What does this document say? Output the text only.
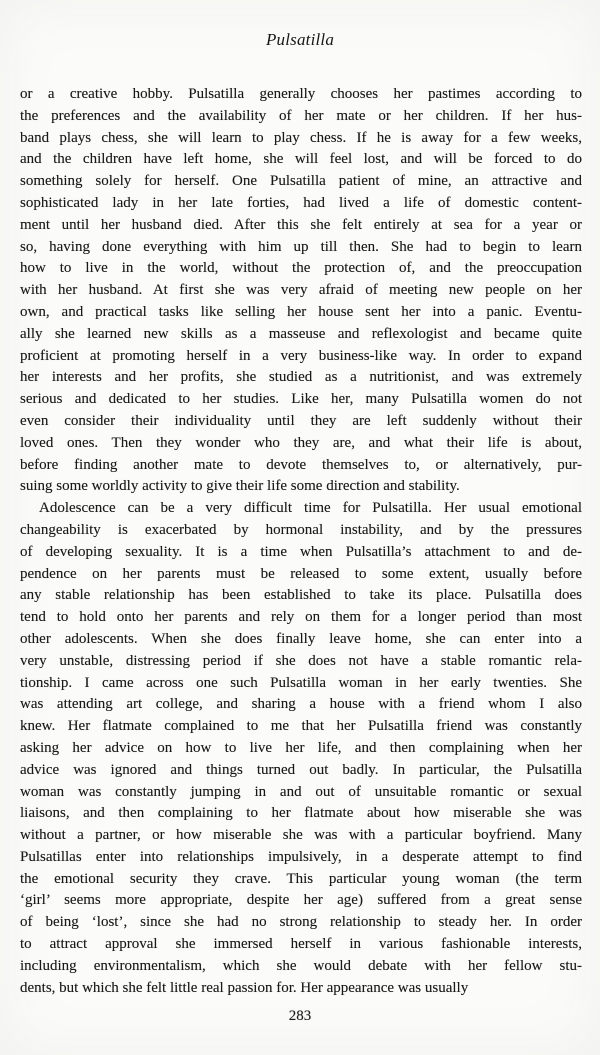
Pulsatilla
or a creative hobby. Pulsatilla generally chooses her pastimes according to
the preferences and the availability of her mate or her children. If her hus-
band plays chess, she will learn to play chess. If he is away for a few weeks,
and the children have left home, she will feel lost, and will be forced to do
something solely for herself. One Pulsatilla patient of mine, an attractive and
sophisticated lady in her late forties, had lived a life of domestic content-
ment until her husband died. After this she felt entirely at sea for a year or
so, having done everything with him up till then. She had to begin to learn
how to live in the world, without the protection of, and the preoccupation
with her husband. At first she was very afraid of meeting new people on her
own, and practical tasks like selling her house sent her into a panic. Eventu-
ally she learned new skills as a masseuse and reflexologist and became quite
proficient at promoting herself in a very business-like way. In order to expand
her interests and her profits, she studied as a nutritionist, and was extremely
serious and dedicated to her studies. Like her, many Pulsatilla women do not
even consider their individuality until they are left suddenly without their
loved ones. Then they wonder who they are, and what their life is about,
before finding another mate to devote themselves to, or alternatively, pur-
suing some worldly activity to give their life some direction and stability.
Adolescence can be a very difficult time for Pulsatilla. Her usual emotional
changeability is exacerbated by hormonal instability, and by the pressures
of developing sexuality. It is a time when Pulsatilla’s attachment to and de-
pendence on her parents must be released to some extent, usually before
any stable relationship has been established to take its place. Pulsatilla does
tend to hold onto her parents and rely on them for a longer period than most
other adolescents. When she does finally leave home, she can enter into a
very unstable, distressing period if she does not have a stable romantic rela-
tionship. I came across one such Pulsatilla woman in her early twenties. She
was attending art college, and sharing a house with a friend whom I also
knew. Her flatmate complained to me that her Pulsatilla friend was constantly
asking her advice on how to live her life, and then complaining when her
advice was ignored and things turned out badly. In particular, the Pulsatilla
woman was constantly jumping in and out of unsuitable romantic or sexual
liaisons, and then complaining to her flatmate about how miserable she was
without a partner, or how miserable she was with a particular boyfriend. Many
Pulsatillas enter into relationships impulsively, in a desperate attempt to find
the emotional security they crave. This particular young woman (the term
‘girl’ seems more appropriate, despite her age) suffered from a great sense
of being ‘lost’, since she had no strong relationship to steady her. In order
to attract approval she immersed herself in various fashionable interests,
including environmentalism, which she would debate with her fellow stu-
dents, but which she felt little real passion for. Her appearance was usually
283
